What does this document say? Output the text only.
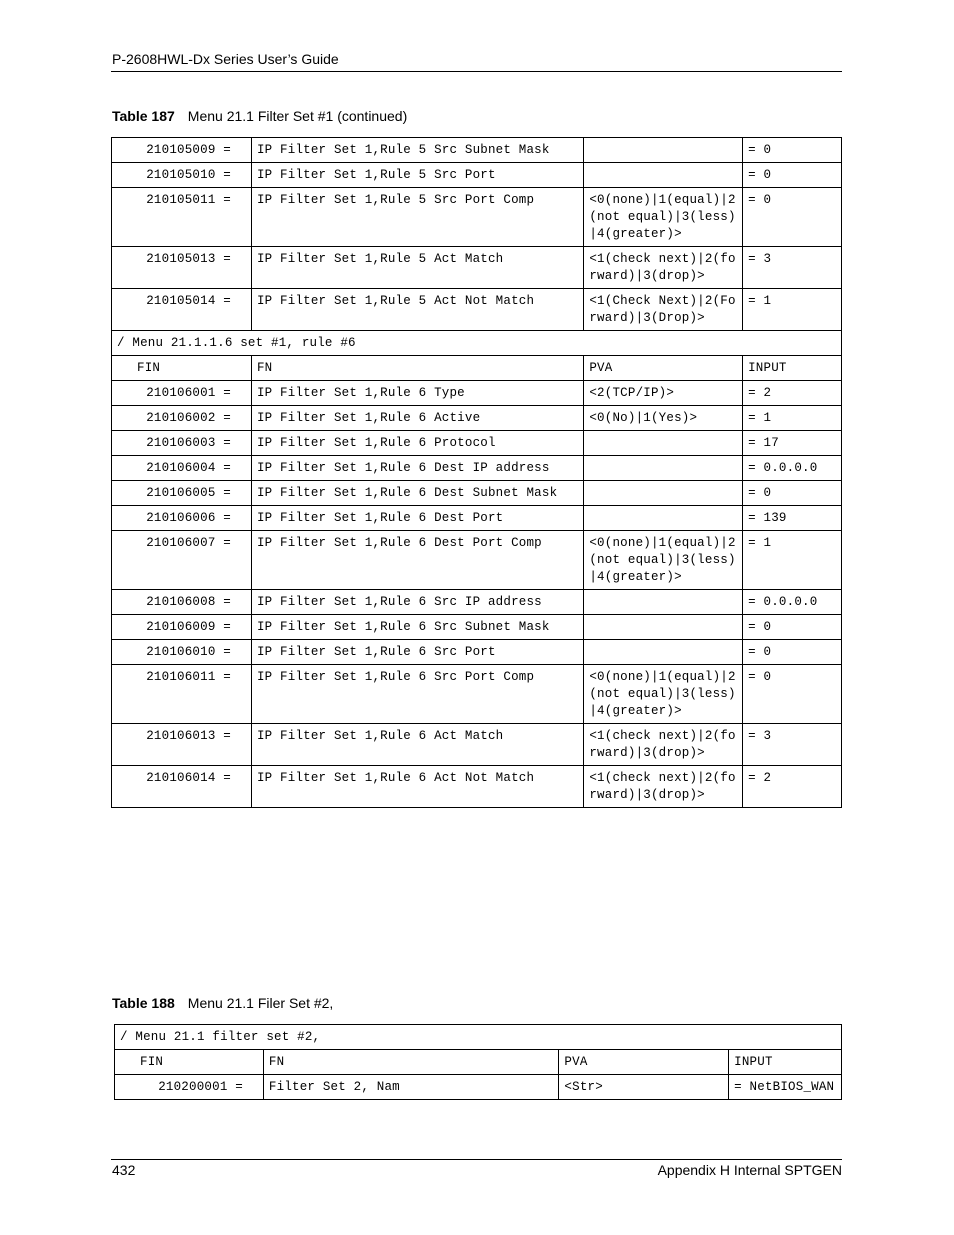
P-2608HWL-Dx Series User’s Guide
Table 187 Menu 21.1 Filter Set #1 (continued)
210105009 =	IP Filter Set 1,Rule 5 Src Subnet Mask		= 0
210105010 =	IP Filter Set 1,Rule 5 Src Port		= 0
210105011 =	IP Filter Set 1,Rule 5 Src Port Comp	<0(none)|1(equal)|2(not equal)|3(less)|4(greater)>	= 0
210105013 =	IP Filter Set 1,Rule 5 Act Match	<1(check next)|2(forward)|3(drop)>	= 3
210105014 =	IP Filter Set 1,Rule 5 Act Not Match	<1(Check Next)|2(Forward)|3(Drop)>	= 1
/ Menu 21.1.1.6 set #1, rule #6			
FIN	FN	PVA	INPUT
210106001 =	IP Filter Set 1,Rule 6 Type	<2(TCP/IP)>	= 2
210106002 =	IP Filter Set 1,Rule 6 Active	<0(No)|1(Yes)>	= 1
210106003 =	IP Filter Set 1,Rule 6 Protocol		= 17
210106004 =	IP Filter Set 1,Rule 6 Dest IP address		= 0.0.0.0
210106005 =	IP Filter Set 1,Rule 6 Dest Subnet Mask		= 0
210106006 =	IP Filter Set 1,Rule 6 Dest Port		= 139
210106007 =	IP Filter Set 1,Rule 6 Dest Port Comp	<0(none)|1(equal)|2(not equal)|3(less)|4(greater)>	= 1
210106008 =	IP Filter Set 1,Rule 6 Src IP address		= 0.0.0.0
210106009 =	IP Filter Set 1,Rule 6 Src Subnet Mask		= 0
210106010 =	IP Filter Set 1,Rule 6 Src Port		= 0
210106011 =	IP Filter Set 1,Rule 6 Src Port Comp	<0(none)|1(equal)|2(not equal)|3(less)|4(greater)>	= 0
210106013 =	IP Filter Set 1,Rule 6 Act Match	<1(check next)|2(forward)|3(drop)>	= 3
210106014 =	IP Filter Set 1,Rule 6 Act Not Match	<1(check next)|2(forward)|3(drop)>	= 2
Table 188 Menu 21.1 Filer Set #2,
/ Menu 21.1 filter set #2,			
FIN	FN	PVA	INPUT
210200001 =	Filter Set 2, Nam	<Str>	= NetBIOS_WAN
432	Appendix H Internal SPTGEN
